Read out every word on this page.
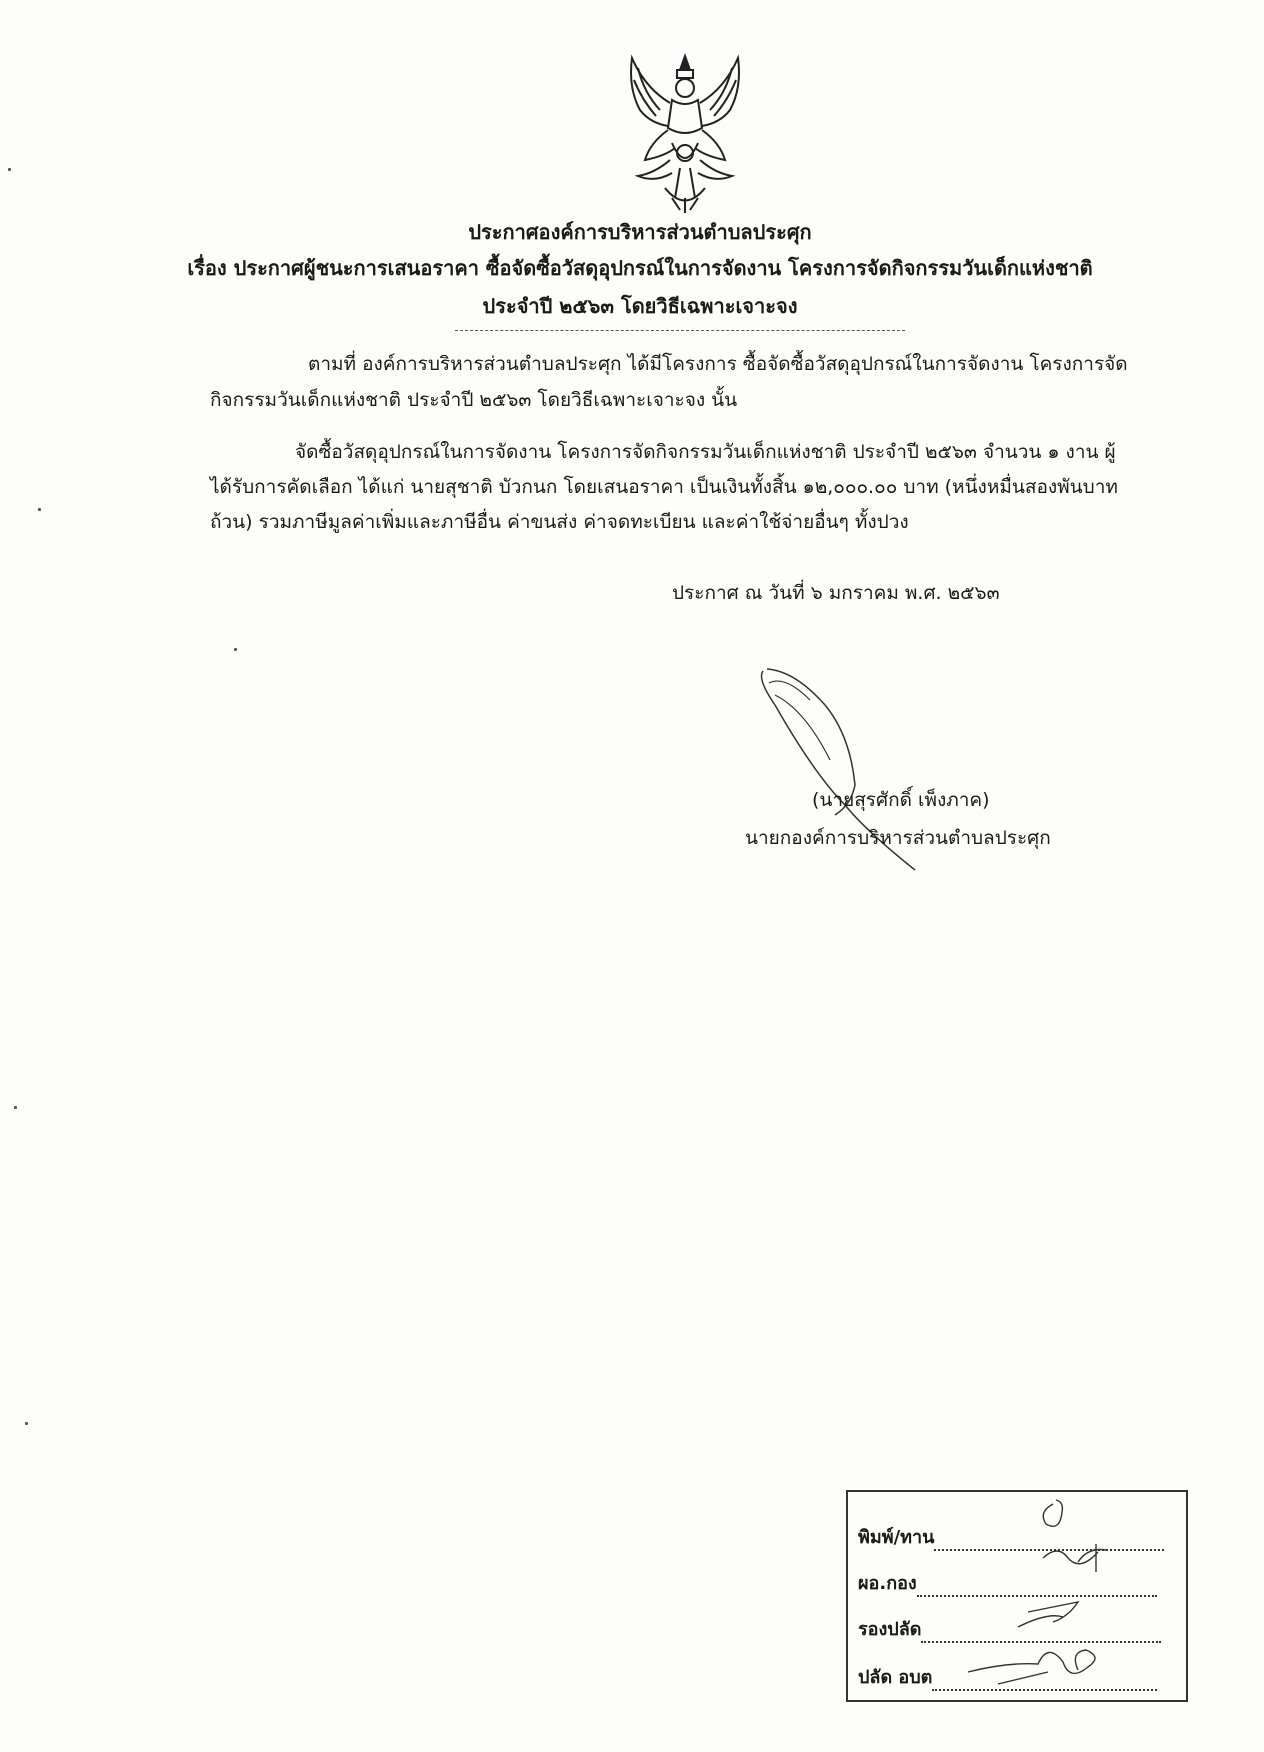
ประกาศองค์การบริหารส่วนตำบลประศุก
เรื่อง ประกาศผู้ชนะการเสนอราคา ซื้อจัดซื้อวัสดุอุปกรณ์ในการจัดงาน โครงการจัดกิจกรรมวันเด็กแห่งชาติ
ประจำปี ๒๕๖๓ โดยวิธีเฉพาะเจาะจง
ตามที่ องค์การบริหารส่วนตำบลประศุก ได้มีโครงการ ซื้อจัดซื้อวัสดุอุปกรณ์ในการจัดงาน โครงการจัด
กิจกรรมวันเด็กแห่งชาติ ประจำปี ๒๕๖๓ โดยวิธีเฉพาะเจาะจง นั้น
จัดซื้อวัสดุอุปกรณ์ในการจัดงาน โครงการจัดกิจกรรมวันเด็กแห่งชาติ ประจำปี ๒๕๖๓ จำนวน ๑ งาน ผู้
ได้รับการคัดเลือก ได้แก่ นายสุชาติ บัวกนก โดยเสนอราคา เป็นเงินทั้งสิ้น ๑๒,๐๐๐.๐๐ บาท (หนึ่งหมื่นสองพันบาท
ถ้วน) รวมภาษีมูลค่าเพิ่มและภาษีอื่น ค่าขนส่ง ค่าจดทะเบียน และค่าใช้จ่ายอื่นๆ ทั้งปวง
ประกาศ ณ วันที่ ๖ มกราคม พ.ศ. ๒๕๖๓
(นายสุรศักดิ์ เพ็งภาค)
นายกองค์การบริหารส่วนตำบลประศุก
พิมพ์/ทาน
ผอ.กอง
รองปลัด
ปลัด อบต
